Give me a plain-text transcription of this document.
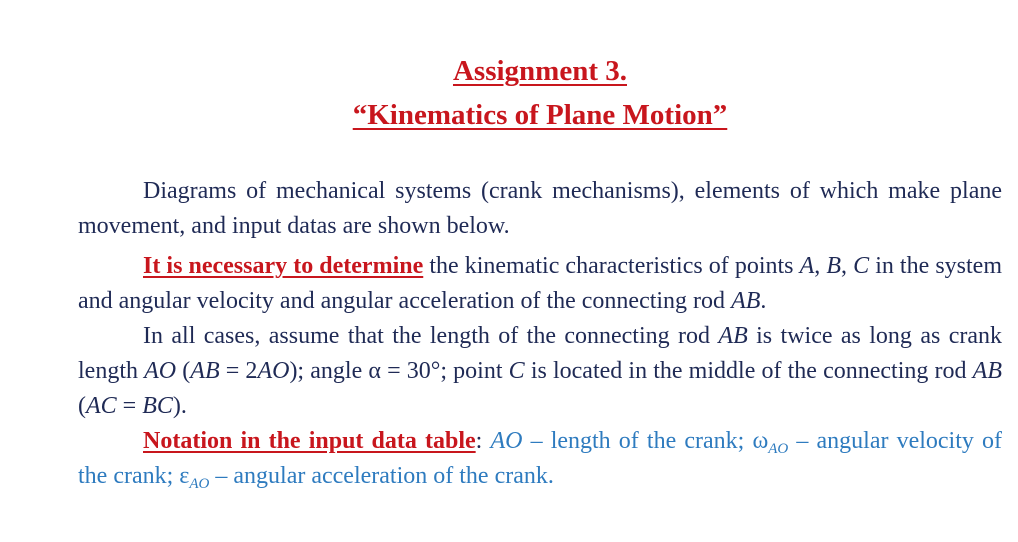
Assignment 3.
“Kinematics of Plane Motion”

Diagrams of mechanical systems (crank mechanisms), elements of which make plane movement, and input datas are shown below.

It is necessary to determine the kinematic characteristics of points A, B, C in the system and angular velocity and angular acceleration of the connecting rod AB.

In all cases, assume that the length of the connecting rod AB is twice as long as crank length AO (AB = 2AO); angle α = 30°; point C is located in the middle of the connecting rod AB (AC = BC).

Notation in the input data table: AO – length of the crank; $\omega_{AO}$ – angular velocity of the crank; $\varepsilon_{AO}$ – angular acceleration of the crank.
